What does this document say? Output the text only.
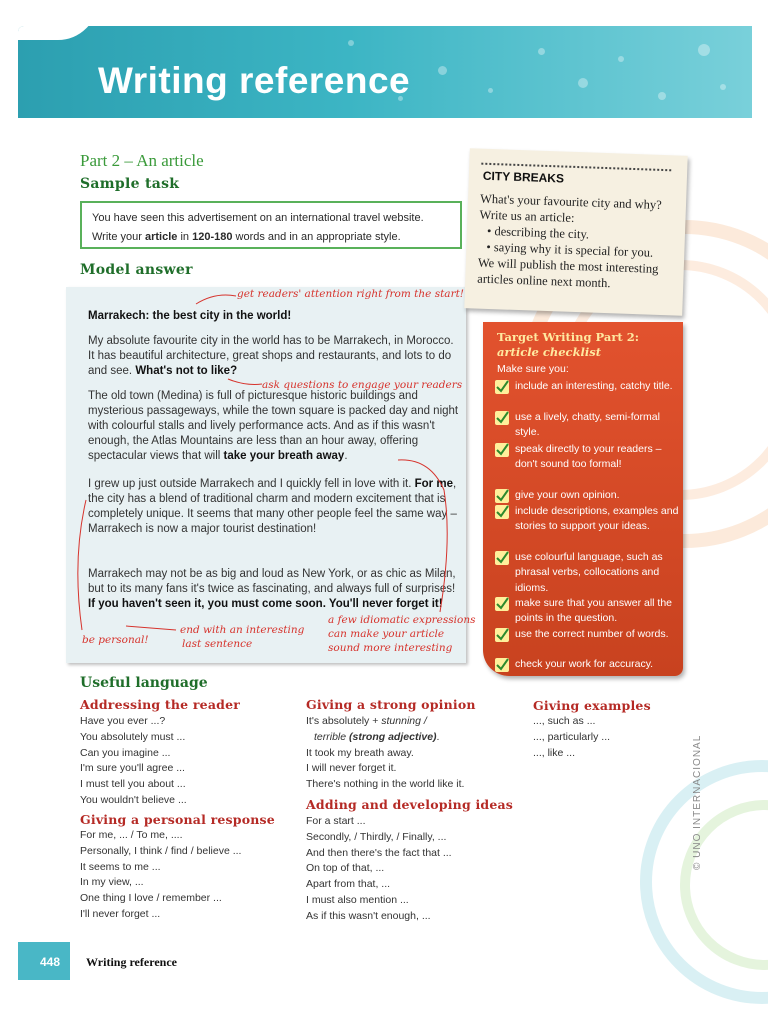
Writing reference
Part 2 – An article
Sample task
You have seen this advertisement on an international travel website.
Write your article in 120-180 words and in an appropriate style.
Model answer
Marrakech: the best city in the world!
My absolute favourite city in the world has to be Marrakech, in Morocco. It has beautiful architecture, great shops and restaurants, and lots to do and see. What's not to like?
The old town (Medina) is full of picturesque historic buildings and mysterious passageways, while the town square is packed day and night with colourful stalls and lively performance acts. And as if this wasn't enough, the Atlas Mountains are less than an hour away, offering spectacular views that will take your breath away.
I grew up just outside Marrakech and I quickly fell in love with it. For me, the city has a blend of traditional charm and modern excitement that is completely unique. It seems that many other people feel the same way – Marrakech is now a major tourist destination!
Marrakech may not be as big and loud as New York, or as chic as Milan, but to its many fans it's twice as fascinating, and always full of surprises! If you haven't seen it, you must come soon. You'll never forget it!
get readers' attention right from the start!
ask questions to engage your readers
be personal!
end with an interesting
last sentence
a few idiomatic expressions
can make your article
sound more interesting
CITY BREAKS
What's your favourite city and why?
Write us an article:
• describing the city.
• saying why it is special for you.
We will publish the most interesting
articles online next month.
Target Writing Part 2:
article checklist
Make sure you:
include an interesting, catchy title.
use a lively, chatty, semi-formal style.
speak directly to your readers – don't sound too formal!
give your own opinion.
include descriptions, examples and stories to support your ideas.
use colourful language, such as phrasal verbs, collocations and idioms.
make sure that you answer all the points in the question.
use the correct number of words.
check your work for accuracy.
Useful language
Addressing the reader
Have you ever ...?
You absolutely must ...
Can you imagine ...
I'm sure you'll agree ...
I must tell you about ...
You wouldn't believe ...
Giving a personal response
For me, ... / To me, ....
Personally, I think / find / believe ...
It seems to me ...
In my view, ...
One thing I love / remember ...
I'll never forget ...
Giving a strong opinion
It's absolutely + stunning /
terrible (strong adjective).
It took my breath away.
I will never forget it.
There's nothing in the world like it.
Adding and developing ideas
For a start ...
Secondly, / Thirdly, / Finally, ...
And then there's the fact that ...
On top of that, ...
Apart from that, ...
I must also mention ...
As if this wasn't enough, ...
Giving examples
..., such as ...
..., particularly ...
..., like ...	© UNO INTERNACIONAL
448 Writing reference
